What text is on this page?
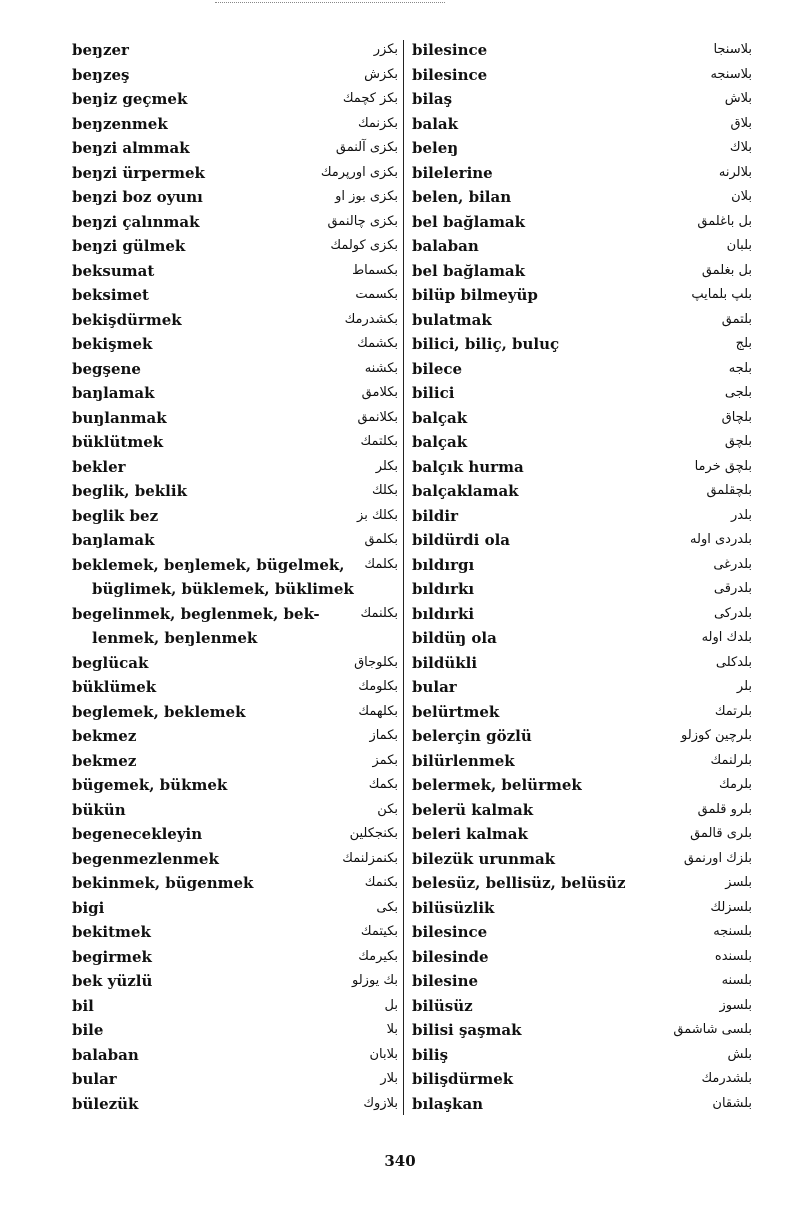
beŋzer	بکزر
beŋzeş	بکزش
beŋiz geçmek	بکز کچمك
beŋzenmek	بکزنمك
beŋzi almmak	بکزی آلنمق
beŋzi ürpermek	بکزی اورپرمك
beŋzi boz oyunı	بکزی بوز او
beŋzi çalınmak	بکزی چالنمق
beŋzi gülmek	بکزی کولمك
beksumat	بکسماط
beksimet	بکسمت
bekişdürmek	بکشدرمك
bekişmek	بکشمك
begşene	بکشنه
baŋlamak	بکلامق
buŋlanmak	بکلانمق
büklütmek	بکلتمك
bekler	بکلر
beglik, beklik	بکلك
beglik bez	بکلك بز
baŋlamak	بکلمق
beklemek, beŋlemek, bügelmek, بکلمك
büglimek, büklemek, büklimek
begelinmek, beglenmek, bek-	بکلنمك
lenmek, beŋlenmek
beglücak	بکلوجاق
büklümek	بکلومك
beglemek, beklemek	بکلهمك
bekmez	بکماز
bekmez	بکمز
bügemek, bükmek	بکمك
bükün	بکن
begenecekleyin	بکنجکلین
begenmezlenmek	بکنمزلنمك
bekinmek, bügenmek	بکنمك
bigi	بکی
bekitmek	بکیتمك
begirmek	بکیرمك
bek yüzlü	بك یوزلو
bil	بل
bile	بلا
balaban	بلابان
bular	بلار
bülezük	بلازوك
bilesince	بلاسنجا
bilesince	بلاسنجه
bilaş	بلاش
balak	بلاق
beleŋ	بلاك
bilelerine	بلالرنه
belen, bilan	بلان
bel bağlamak	بل باغلمق
balaban	بلبان
bel bağlamak	بل بغلمق
bilüp bilmeyüp	بلپ بلمایپ
bulatmak	بلتمق
bilici, biliç, buluç	بلج
bilece	بلجه
bilici	بلجی
balçak	بلچاق
balçak	بلچق
balçık hurma	بلچق خرما
balçaklamak	بلچقلمق
bildir	بلدر
bildürdi ola	بلدردی اوله
bıldırgı	بلدرغی
bıldırkı	بلدرقی
bıldırki	بلدرکی
bildüŋ ola	بلدك اوله
bildükli	بلدکلی
bular	بلر
belürtmek	بلرتمك
belerçin gözlü	بلرچین کوزلو
bilürlenmek	بلرلنمك
belermek, belürmek	بلرمك
belerü kalmak	بلرو قلمق
beleri kalmak	بلری قالمق
bilezük urunmak	بلزك اورنمق
belesüz, bellisüz, belüsüz	بلسز
bilüsüzlik	بلسزلك
bilesince	بلسنجه
bilesinde	بلسنده
bilesine	بلسنه
bilüsüz	بلسوز
bilisi şaşmak	بلسی شاشمق
biliş	بلش
bilişdürmek	بلشدرمك
bılaşkan	بلشقان
340
